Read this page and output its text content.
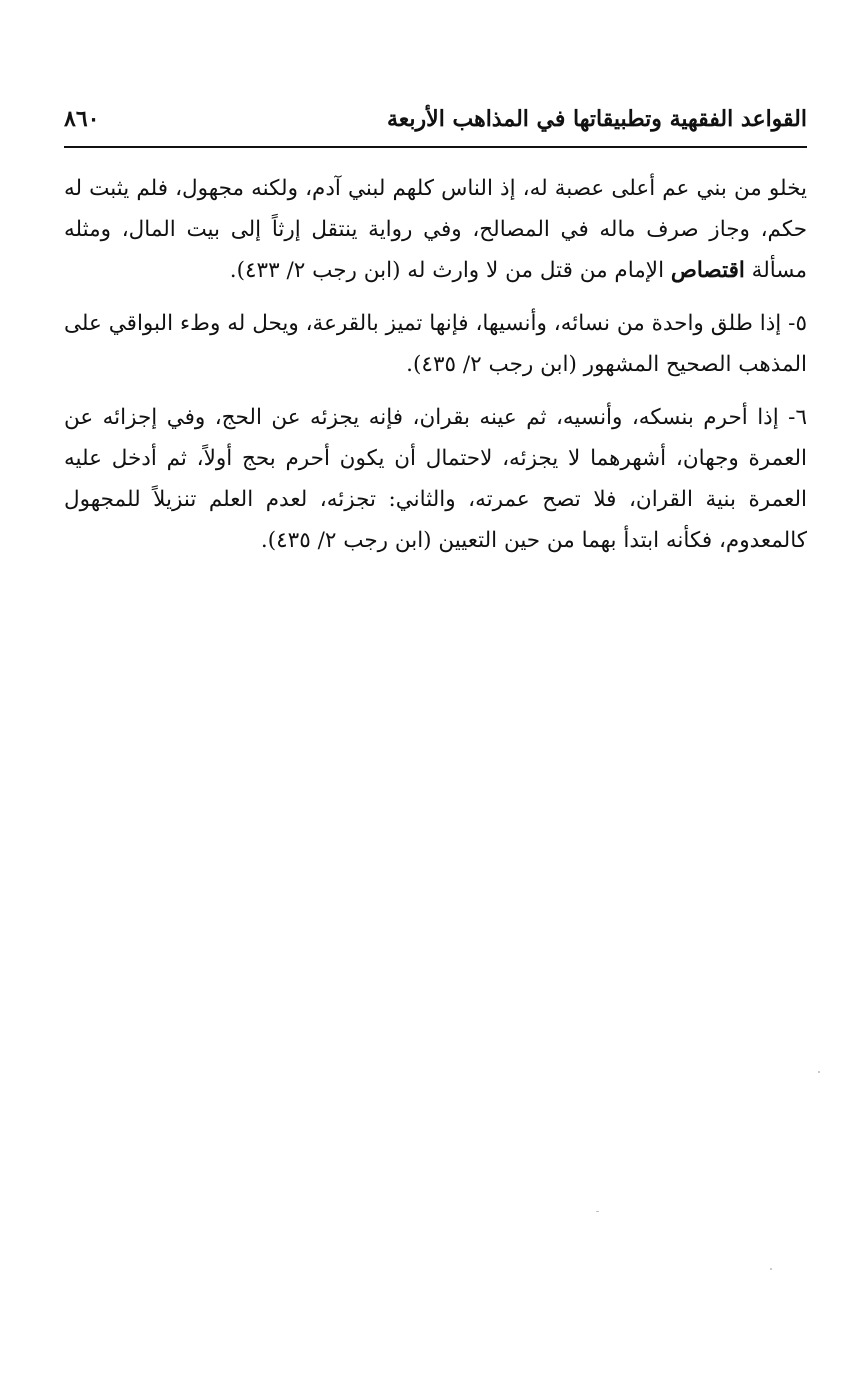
القواعد الفقهية وتطبيقاتها في المذاهب الأربعة
٨٦٠

يخلو من بني عم أعلى عصبة له، إذ الناس كلهم لبني آدم، ولكنه مجهول، فلم يثبت له حكم، وجاز صرف ماله في المصالح، وفي رواية ينتقل إرثاً إلى بيت المال، ومثله مسألة اقتصاص الإمام من قتل من لا وارث له (ابن رجب ٢/ ٤٣٣).

٥- إذا طلق واحدة من نسائه، وأنسيها، فإنها تميز بالقرعة، ويحل له وطء البواقي على المذهب الصحيح المشهور (ابن رجب ٢/ ٤٣٥).

٦- إذا أحرم بنسكه، وأنسيه، ثم عينه بقران، فإنه يجزئه عن الحج، وفي إجزائه عن العمرة وجهان، أشهرهما لا يجزئه، لاحتمال أن يكون أحرم بحج أولاً، ثم أدخل عليه العمرة بنية القران، فلا تصح عمرته، والثاني: تجزئه، لعدم العلم تنزيلاً للمجهول كالمعدوم، فكأنه ابتدأ بهما من حين التعيين (ابن رجب ٢/ ٤٣٥).
